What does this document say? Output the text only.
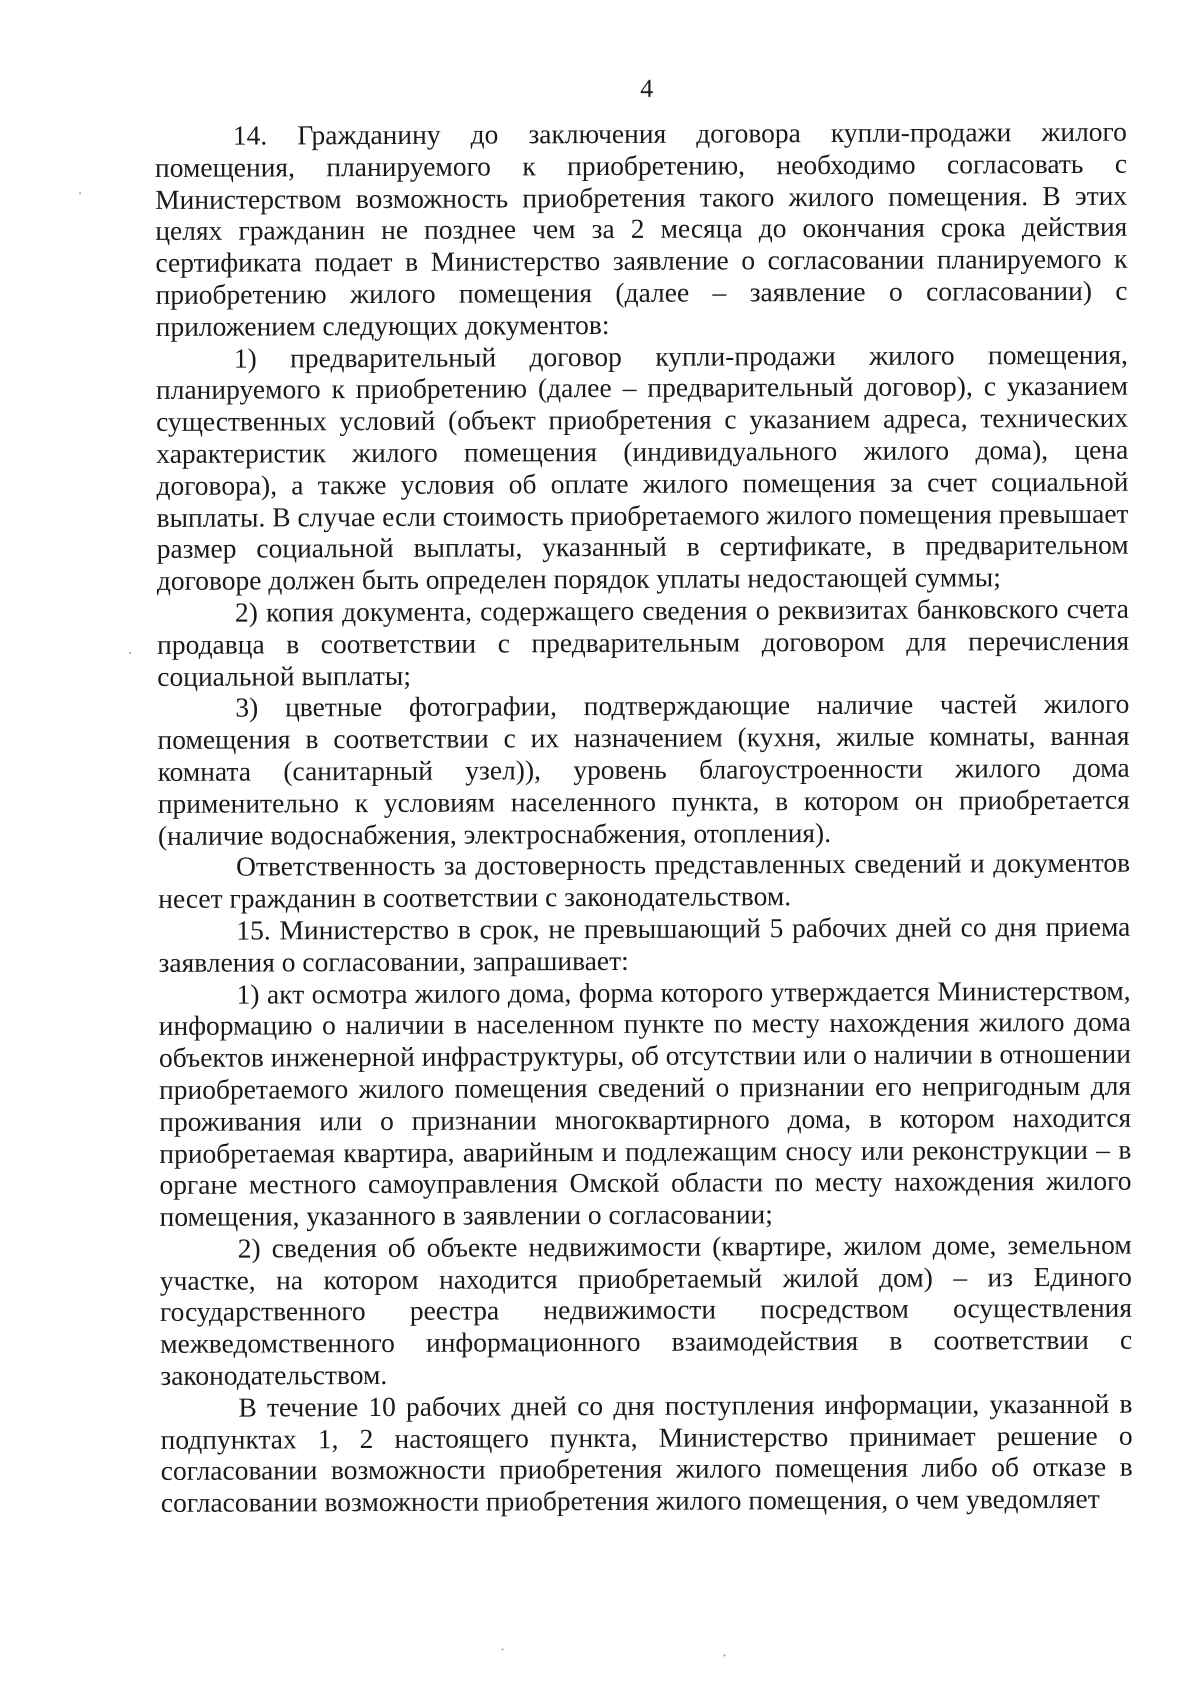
4

14. Гражданину до заключения договора купли-продажи жилого помещения, планируемого к приобретению, необходимо согласовать с Министерством возможность приобретения такого жилого помещения. В этих целях гражданин не позднее чем за 2 месяца до окончания срока действия сертификата подает в Министерство заявление о согласовании планируемого к приобретению жилого помещения (далее – заявление о согласовании) с приложением следующих документов:

1) предварительный договор купли-продажи жилого помещения, планируемого к приобретению (далее – предварительный договор), с указанием существенных условий (объект приобретения с указанием адреса, технических характеристик жилого помещения (индивидуального жилого дома), цена договора), а также условия об оплате жилого помещения за счет социальной выплаты. В случае если стоимость приобретаемого жилого помещения превышает размер социальной выплаты, указанный в сертификате, в предварительном договоре должен быть определен порядок уплаты недостающей суммы;

2) копия документа, содержащего сведения о реквизитах банковского счета продавца в соответствии с предварительным договором для перечисления социальной выплаты;

3) цветные фотографии, подтверждающие наличие частей жилого помещения в соответствии с их назначением (кухня, жилые комнаты, ванная комната (санитарный узел)), уровень благоустроенности жилого дома применительно к условиям населенного пункта, в котором он приобретается (наличие водоснабжения, электроснабжения, отопления).

Ответственность за достоверность представленных сведений и документов несет гражданин в соответствии с законодательством.

15. Министерство в срок, не превышающий 5 рабочих дней со дня приема заявления о согласовании, запрашивает:

1) акт осмотра жилого дома, форма которого утверждается Министерством, информацию о наличии в населенном пункте по месту нахождения жилого дома объектов инженерной инфраструктуры, об отсутствии или о наличии в отношении приобретаемого жилого помещения сведений о признании его непригодным для проживания или о признании многоквартирного дома, в котором находится приобретаемая квартира, аварийным и подлежащим сносу или реконструкции – в органе местного самоуправления Омской области по месту нахождения жилого помещения, указанного в заявлении о согласовании;

2) сведения об объекте недвижимости (квартире, жилом доме, земельном участке, на котором находится приобретаемый жилой дом) – из Единого государственного реестра недвижимости посредством осуществления межведомственного информационного взаимодействия в соответствии с законодательством.

В течение 10 рабочих дней со дня поступления информации, указанной в подпунктах 1, 2 настоящего пункта, Министерство принимает решение о согласовании возможности приобретения жилого помещения либо об отказе в согласовании возможности приобретения жилого помещения, о чем уведомляет
